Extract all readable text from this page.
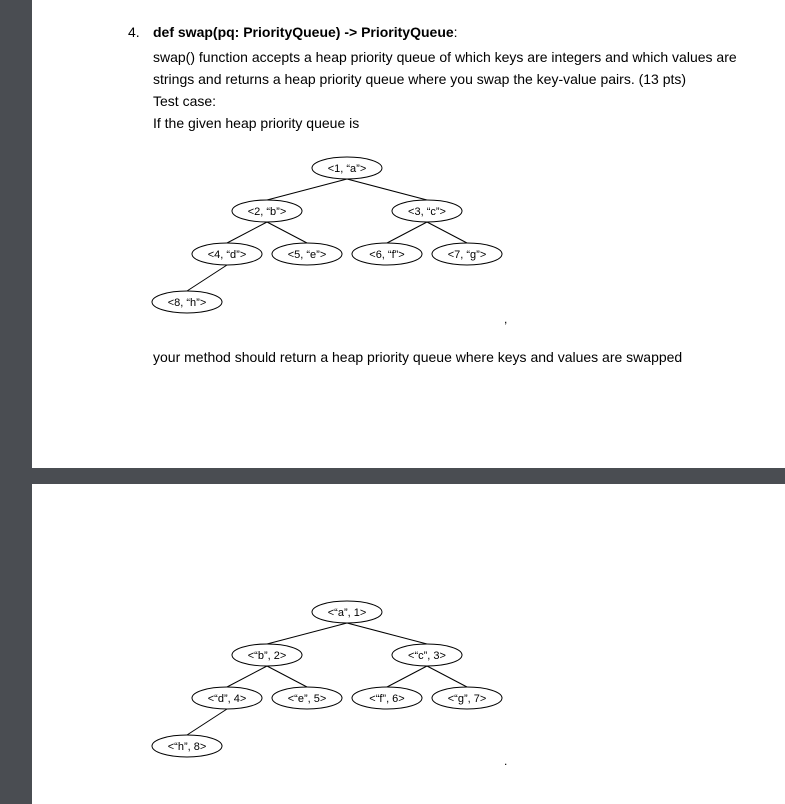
4. def swap(pq: PriorityQueue) -> PriorityQueue:
swap() function accepts a heap priority queue of which keys are integers and which values are
strings and returns a heap priority queue where you swap the key-value pairs. (13 pts)
Test case:
If the given heap priority queue is
<1, “a”>
<2, “b”>	<3, “c”>
<4, “d”>	<5, “e”>	<6, “f”>	<7, “g”>
<8, “h”>
,
your method should return a heap priority queue where keys and values are swapped
<“a”, 1>
<“b”, 2>	<“c”, 3>
<“d”, 4>	<“e”, 5>	<“f”, 6>	<“g”, 7>
<“h”, 8>
.
